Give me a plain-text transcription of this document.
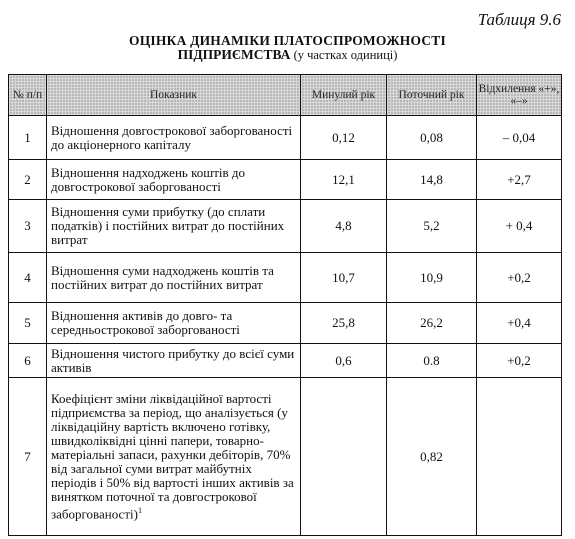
Таблиця 9.6
ОЦІНКА ДИНАМІКИ ПЛАТОСПРОМОЖНОСТІ
ПІДПРИЄМСТВА (у частках одиниці)
№ п/п	Показник	Минулий рік	Поточний рік	Відхилення «+», «–»
1	Відношення довгострокової заборгованості до акціонерного капіталу	0,12	0,08	– 0,04
2	Відношення надходжень коштів до довгострокової заборгованості	12,1	14,8	+2,7
3	Відношення суми прибутку (до сплати податків) і постійних витрат до постійних витрат	4,8	5,2	+ 0,4
4	Відношення суми надходжень коштів та постійних витрат до постійних витрат	10,7	10,9	+0,2
5	Відношення активів до довго- та середньострокової заборгованості	25,8	26,2	+0,4
6	Відношення чистого прибутку до всієї суми активів	0,6	0.8	+0,2
7	Коефіцієнт зміни ліквідаційної вартості підприємства за період, що аналізується (у ліквідаційну вартість включено готівку, швидколіквідні цінні папери, товарно-матеріальні запаси, рахунки дебіторів, 70% від загальної суми витрат майбутніх періодів і 50% від вартості інших активів за винятком поточної та довгострокової заборгованості)$^1$		0,82	
